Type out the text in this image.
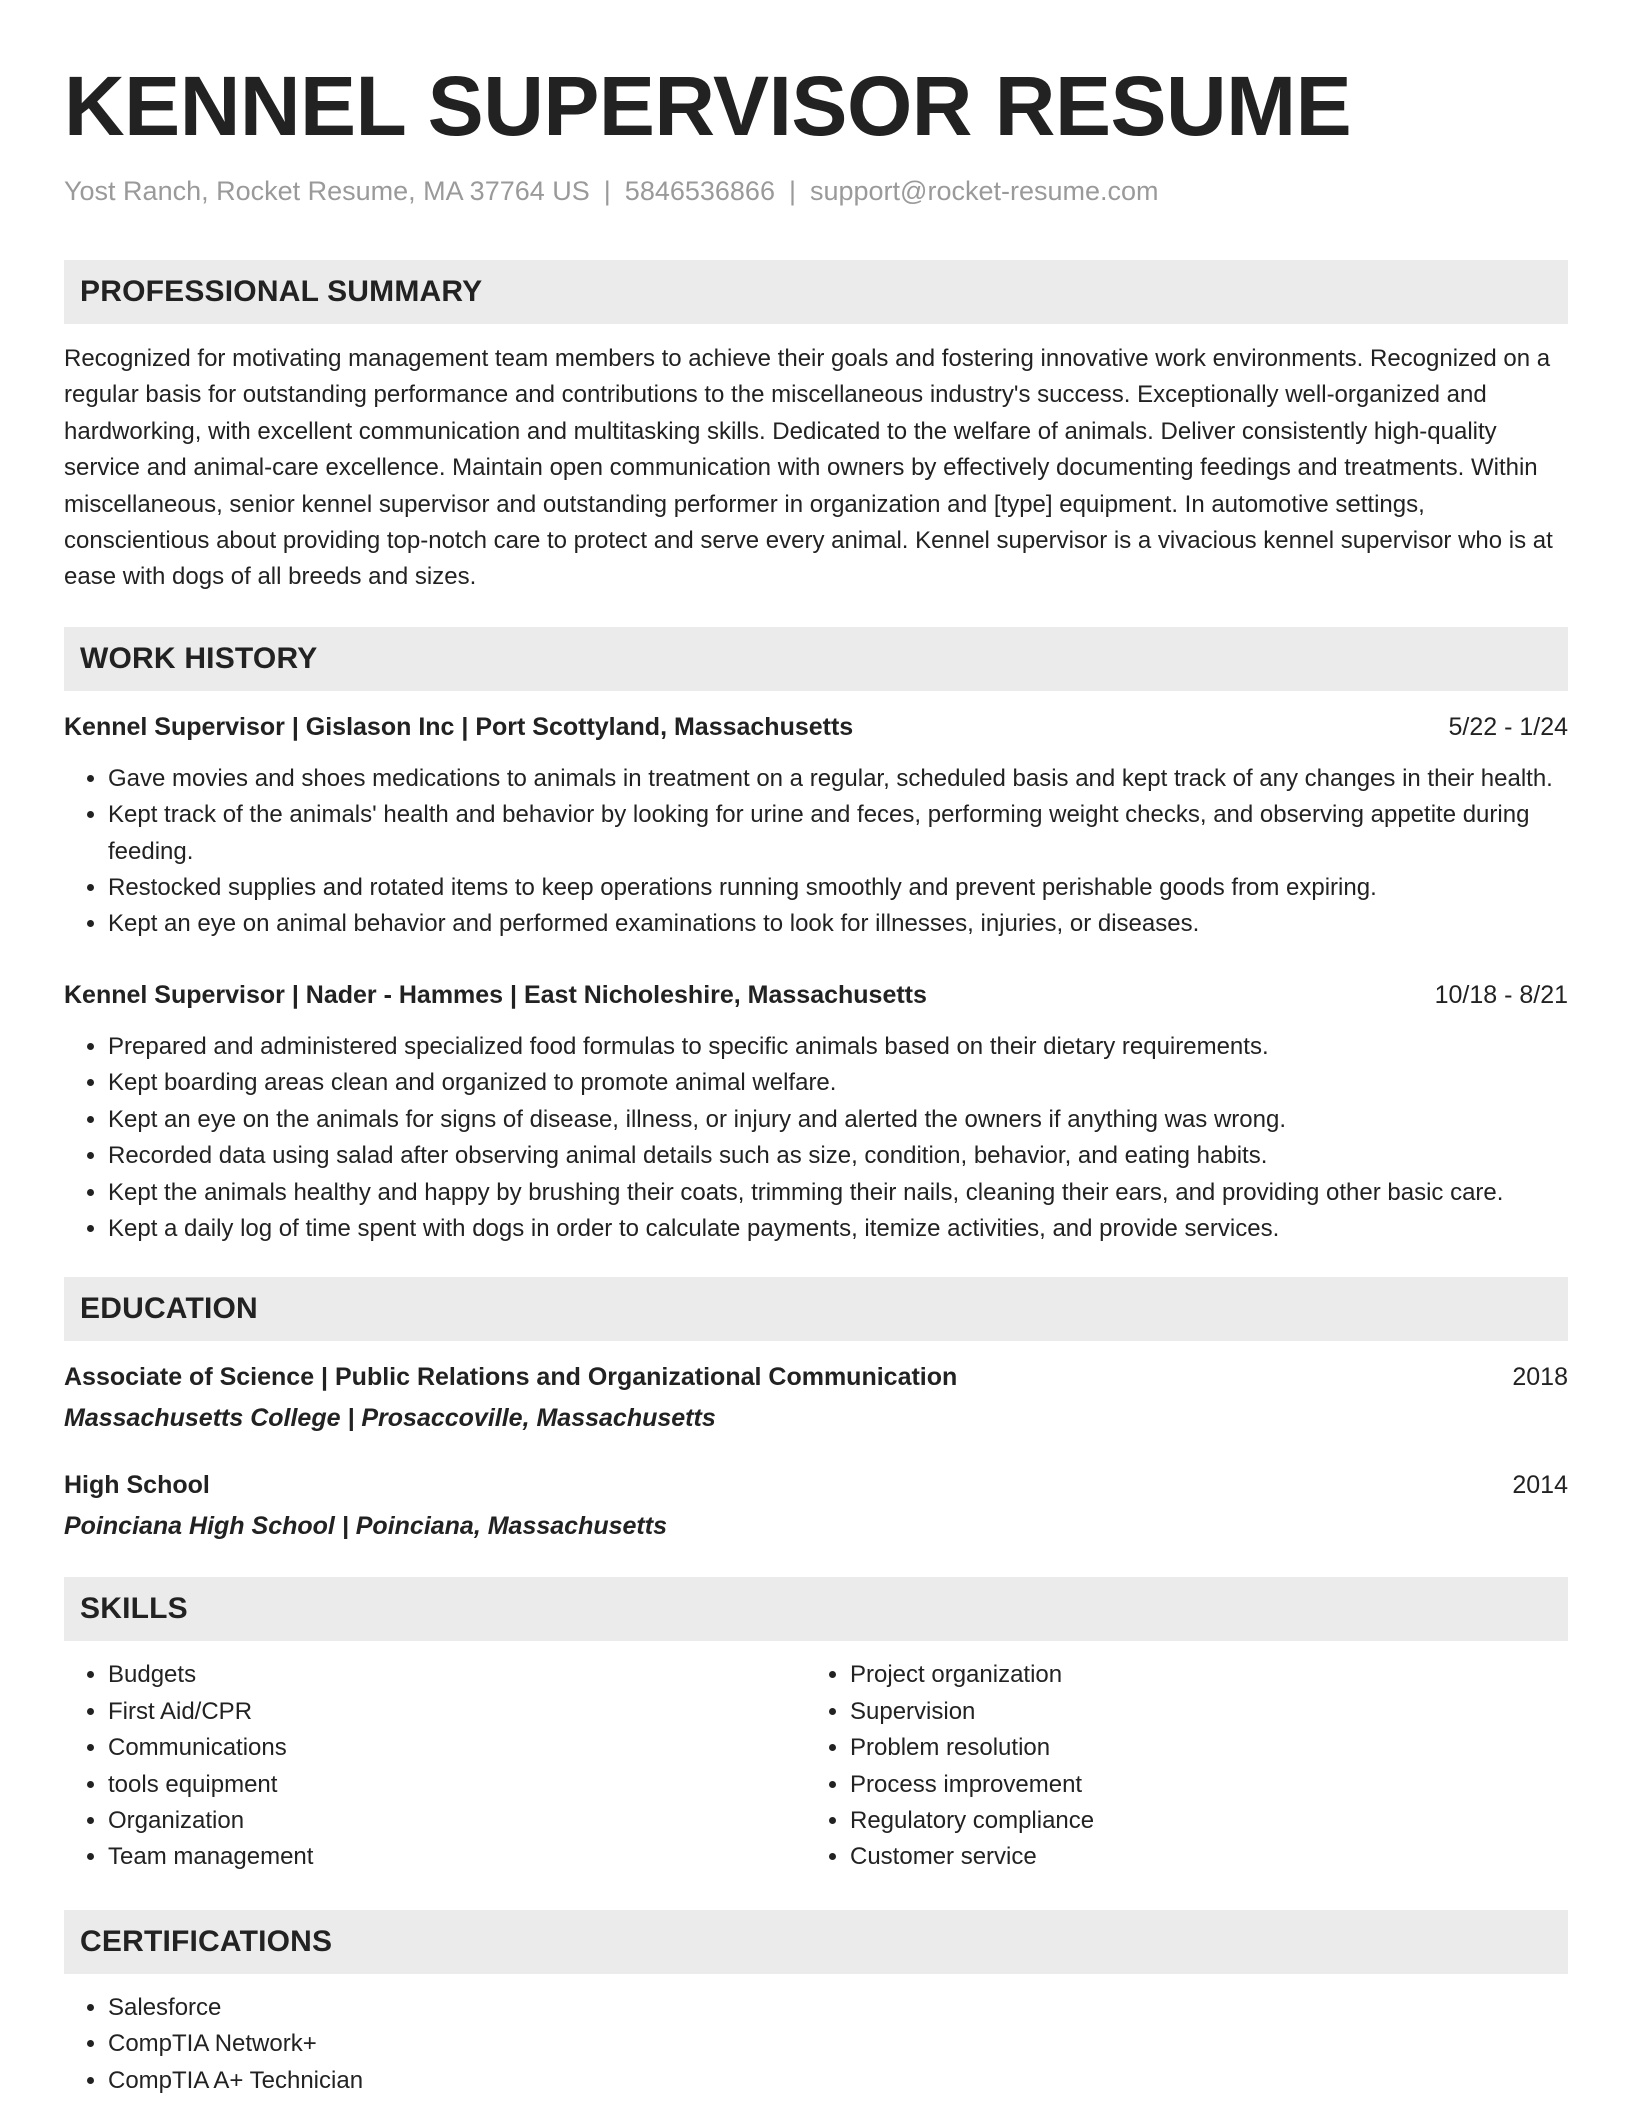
KENNEL SUPERVISOR RESUME
Yost Ranch, Rocket Resume, MA 37764 US | 5846536866 | support@rocket-resume.com
PROFESSIONAL SUMMARY
Recognized for motivating management team members to achieve their goals and fostering innovative work environments. Recognized on a regular basis for outstanding performance and contributions to the miscellaneous industry's success. Exceptionally well-organized and hardworking, with excellent communication and multitasking skills. Dedicated to the welfare of animals. Deliver consistently high-quality service and animal-care excellence. Maintain open communication with owners by effectively documenting feedings and treatments. Within miscellaneous, senior kennel supervisor and outstanding performer in organization and [type] equipment. In automotive settings, conscientious about providing top-notch care to protect and serve every animal. Kennel supervisor is a vivacious kennel supervisor who is at ease with dogs of all breeds and sizes.
WORK HISTORY
Kennel Supervisor | Gislason Inc | Port Scottyland, Massachusetts	5/22 - 1/24
• Gave movies and shoes medications to animals in treatment on a regular, scheduled basis and kept track of any changes in their health.
• Kept track of the animals' health and behavior by looking for urine and feces, performing weight checks, and observing appetite during feeding.
• Restocked supplies and rotated items to keep operations running smoothly and prevent perishable goods from expiring.
• Kept an eye on animal behavior and performed examinations to look for illnesses, injuries, or diseases.
Kennel Supervisor | Nader - Hammes | East Nicholeshire, Massachusetts	10/18 - 8/21
• Prepared and administered specialized food formulas to specific animals based on their dietary requirements.
• Kept boarding areas clean and organized to promote animal welfare.
• Kept an eye on the animals for signs of disease, illness, or injury and alerted the owners if anything was wrong.
• Recorded data using salad after observing animal details such as size, condition, behavior, and eating habits.
• Kept the animals healthy and happy by brushing their coats, trimming their nails, cleaning their ears, and providing other basic care.
• Kept a daily log of time spent with dogs in order to calculate payments, itemize activities, and provide services.
EDUCATION
Associate of Science | Public Relations and Organizational Communication	2018
Massachusetts College | Prosaccoville, Massachusetts
High School	2014
Poinciana High School | Poinciana, Massachusetts
SKILLS
• Budgets
• First Aid/CPR
• Communications
• tools equipment
• Organization
• Team management
• Project organization
• Supervision
• Problem resolution
• Process improvement
• Regulatory compliance
• Customer service
CERTIFICATIONS
• Salesforce
• CompTIA Network+
• CompTIA A+ Technician
